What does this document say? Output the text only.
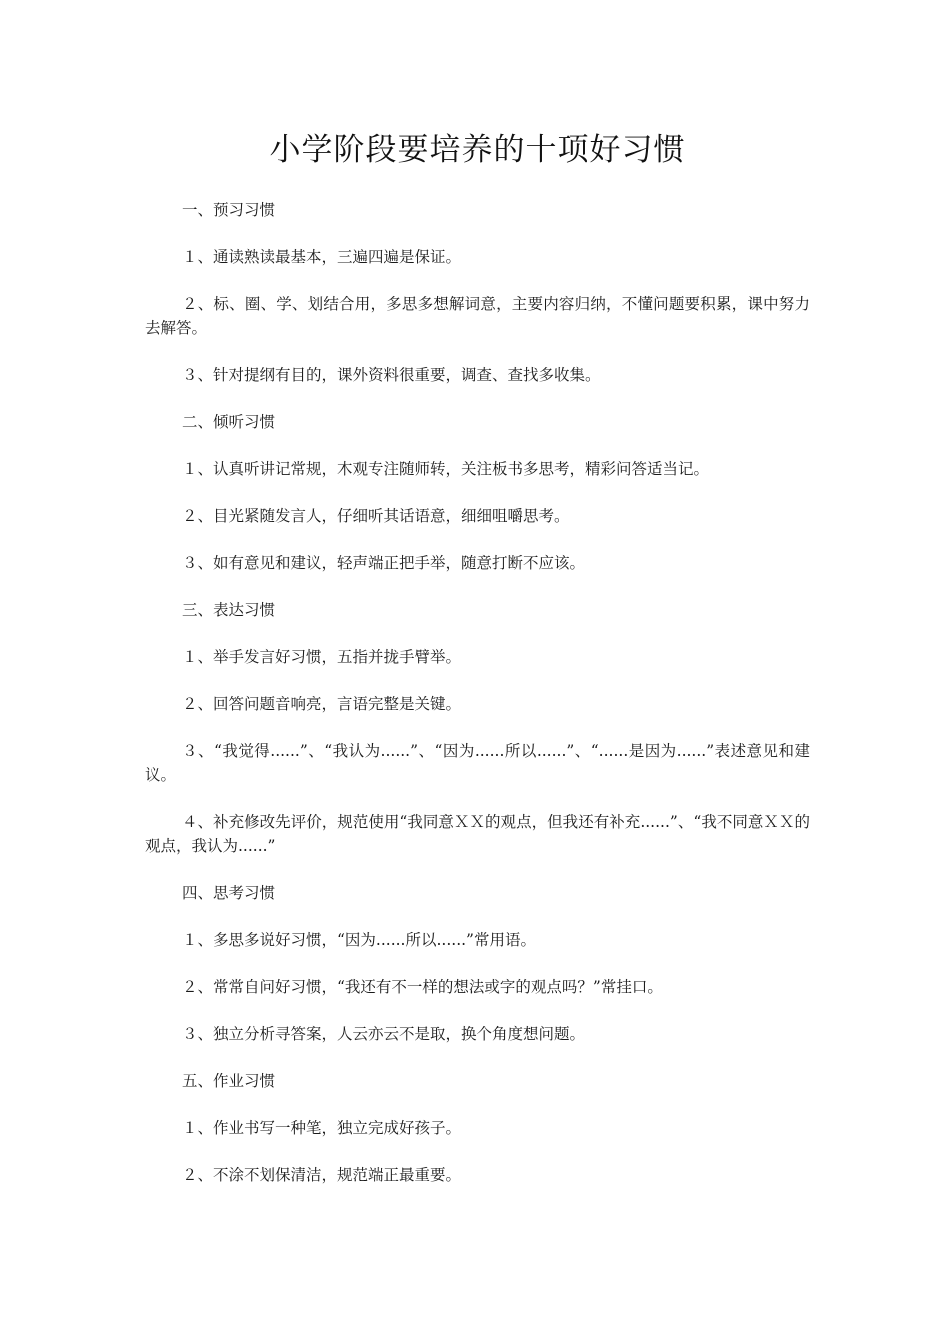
小学阶段要培养的十项好习惯

一、预习习惯

１、通读熟读最基本，三遍四遍是保证。

２、标、圈、学、划结合用，多思多想解词意，主要内容归纳，不懂问题要积累，课中努力去解答。

３、针对提纲有目的，课外资料很重要，调查、查找多收集。

二、倾听习惯

１、认真听讲记常规，木观专注随师转，关注板书多思考，精彩问答适当记。

２、目光紧随发言人，仔细听其话语意，细细咀嚼思考。

３、如有意见和建议，轻声端正把手举，随意打断不应该。

三、表达习惯

１、举手发言好习惯，五指并拢手臂举。

２、回答问题音响亮，言语完整是关键。

３、“我觉得......”、“我认为......”、“因为......所以......”、“......是因为......”表述意见和建议。

４、补充修改先评价，规范使用“我同意ＸＸ的观点，但我还有补充......”、“我不同意ＸＸ的观点，我认为......”

四、思考习惯

１、多思多说好习惯，“因为......所以......”常用语。

２、常常自问好习惯，“我还有不一样的想法或字的观点吗？”常挂口。

３、独立分析寻答案，人云亦云不是取，换个角度想问题。

五、作业习惯

１、作业书写一种笔，独立完成好孩子。

２、不涂不划保清洁，规范端正最重要。
